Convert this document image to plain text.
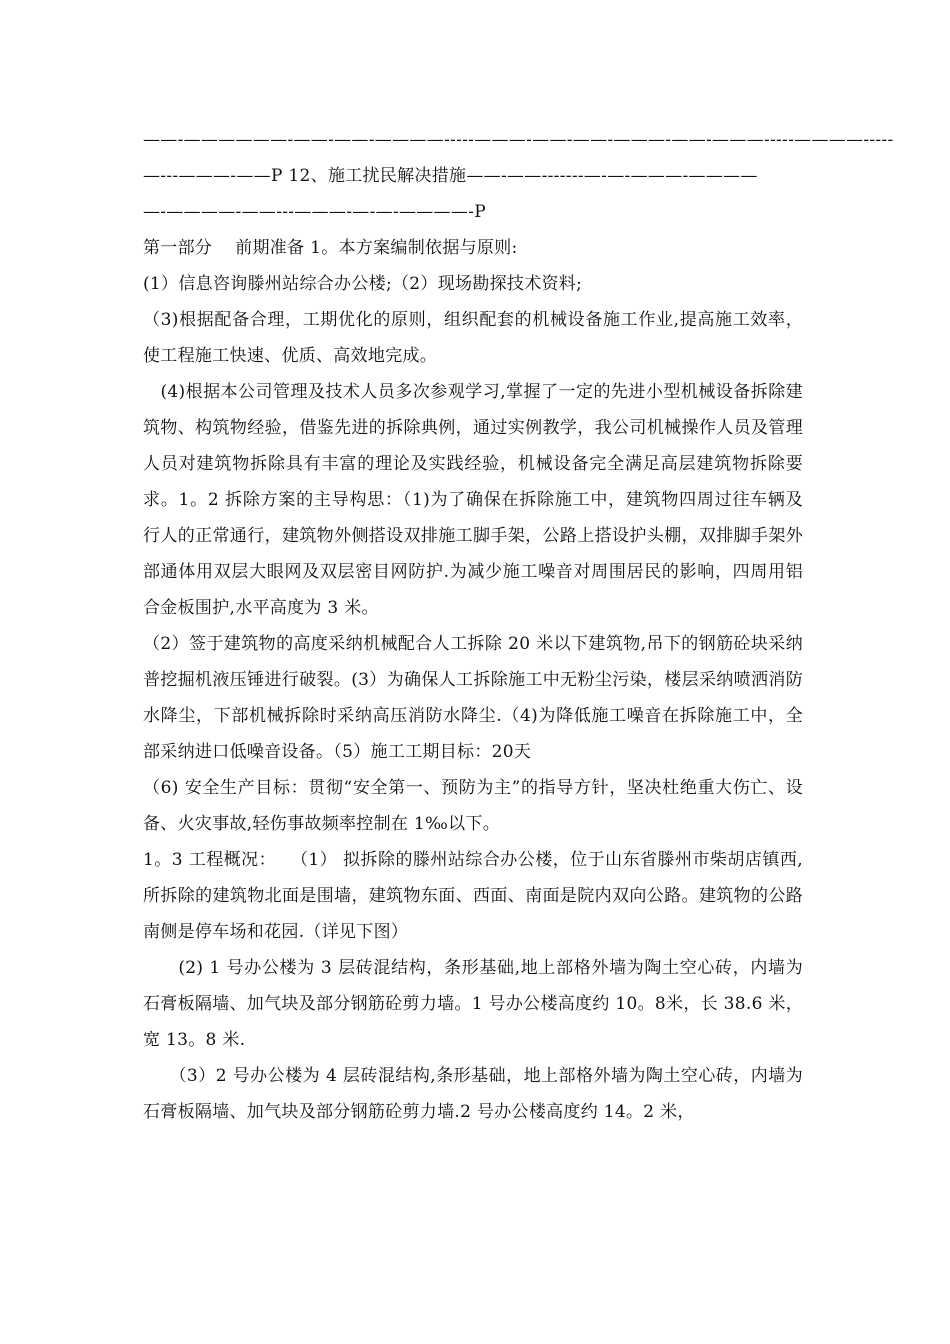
——-——————-——-——-————-----———-——-——-———-——-———-----————-----
—---———-——P 12、施工扰民解决措施——-——-------—-—-———-————
—-————-——---———-—-—-————-P

第一部分　 前期准备 1。本方案编制依据与原则:

(1）信息咨询滕州站综合办公楼;（2）现场勘探技术资料;

（3)根据配备合理，工期优化的原则，组织配套的机械设备施工作业,提高施工效率，使工程施工快速、优质、高效地完成。

　(4)根据本公司管理及技术人员多次参观学习,掌握了一定的先进小型机械设备拆除建筑物、构筑物经验，借鉴先进的拆除典例，通过实例教学，我公司机械操作人员及管理人员对建筑物拆除具有丰富的理论及实践经验，机械设备完全满足高层建筑物拆除要求。1。2 拆除方案的主导构思：（1)为了确保在拆除施工中，建筑物四周过往车辆及行人的正常通行，建筑物外侧搭设双排施工脚手架，公路上搭设护头棚，双排脚手架外部通体用双层大眼网及双层密目网防护.为减少施工噪音对周围居民的影响，四周用铝合金板围护,水平高度为 3 米。

（2）签于建筑物的高度采纳机械配合人工拆除 20 米以下建筑物,吊下的钢筋砼块采纳普挖掘机液压锤进行破裂。(3）为确保人工拆除施工中无粉尘污染，楼层采纳喷洒消防水降尘，下部机械拆除时采纳高压消防水降尘.（4)为降低施工噪音在拆除施工中，全部采纳进口低噪音设备。（5）施工工期目标：20天

（6) 安全生产目标：贯彻“安全第一、预防为主”的指导方针，坚决杜绝重大伤亡、设备、火灾事故,轻伤事故频率控制在 1‰以下。

1。3 工程概况：　 （1） 拟拆除的滕州站综合办公楼，位于山东省滕州市柴胡店镇西,所拆除的建筑物北面是围墙，建筑物东面、西面、南面是院内双向公路。建筑物的公路南侧是停车场和花园.（详见下图）

　　(2) 1 号办公楼为 3 层砖混结构，条形基础,地上部格外墙为陶土空心砖，内墙为石膏板隔墙、加气块及部分钢筋砼剪力墙。1 号办公楼高度约 10。8米，长 38.6 米，宽 13。8 米.

　　（3）2 号办公楼为 4 层砖混结构,条形基础，地上部格外墙为陶土空心砖，内墙为石膏板隔墙、加气块及部分钢筋砼剪力墙.2 号办公楼高度约 14。2 米，
